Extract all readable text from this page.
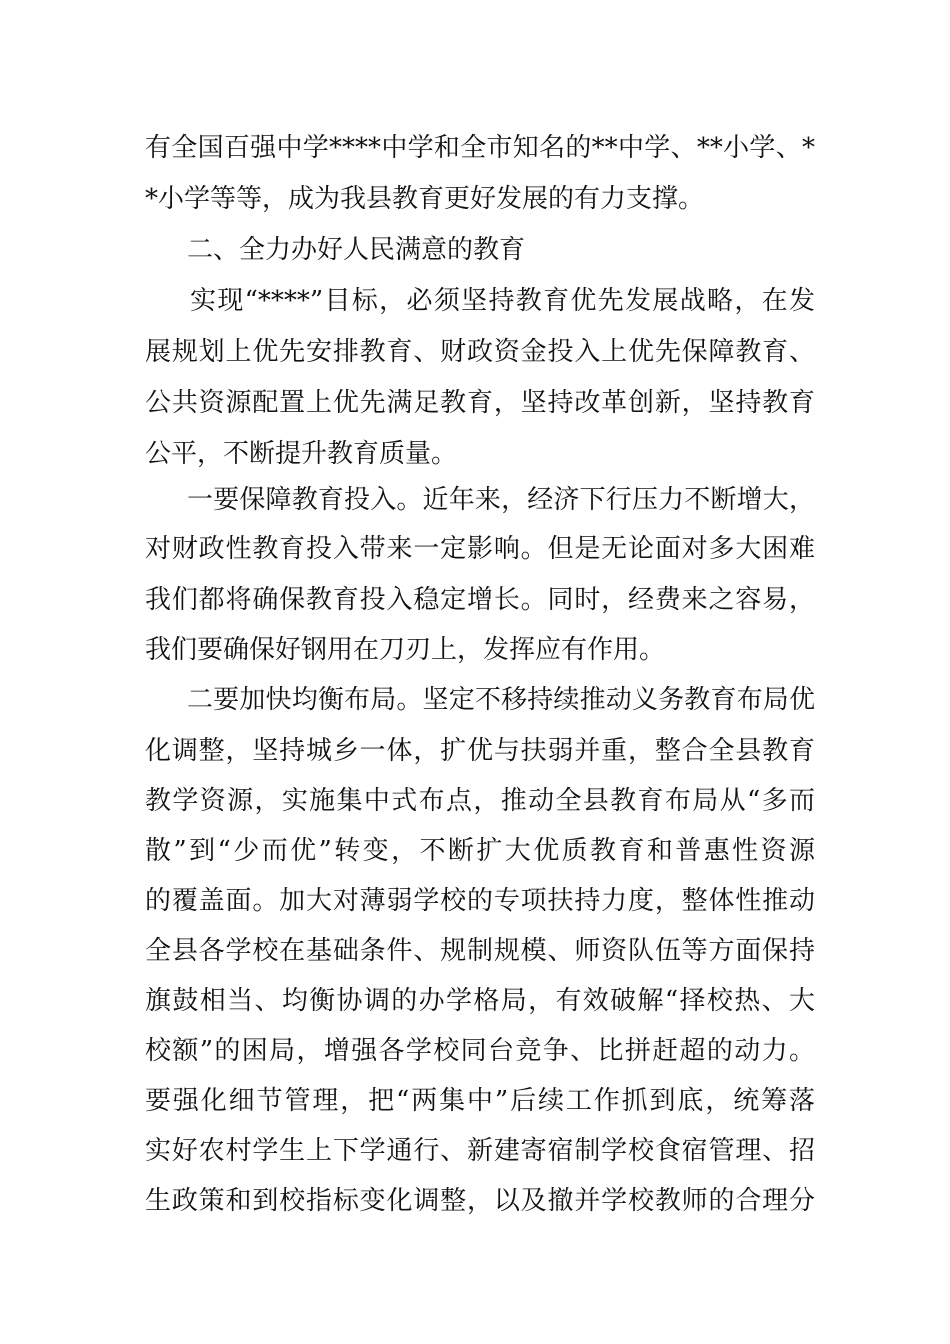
有全国百强中学****中学和全市知名的**中学、**小学、*
*小学等等，成为我县教育更好发展的有力支撑。
二、全力办好人民满意的教育
实现“****”目标，必须坚持教育优先发展战略，在发
展规划上优先安排教育、财政资金投入上优先保障教育、
公共资源配置上优先满足教育，坚持改革创新，坚持教育
公平，不断提升教育质量。
一要保障教育投入。近年来，经济下行压力不断增大，
对财政性教育投入带来一定影响。但是无论面对多大困难
我们都将确保教育投入稳定增长。同时，经费来之容易，
我们要确保好钢用在刀刃上，发挥应有作用。
二要加快均衡布局。坚定不移持续推动义务教育布局优
化调整，坚持城乡一体，扩优与扶弱并重，整合全县教育
教学资源，实施集中式布点，推动全县教育布局从“多而
散”到“少而优”转变，不断扩大优质教育和普惠性资源
的覆盖面。加大对薄弱学校的专项扶持力度，整体性推动
全县各学校在基础条件、规制规模、师资队伍等方面保持
旗鼓相当、均衡协调的办学格局，有效破解“择校热、大
校额”的困局，增强各学校同台竞争、比拼赶超的动力。
要强化细节管理，把“两集中”后续工作抓到底，统筹落
实好农村学生上下学通行、新建寄宿制学校食宿管理、招
生政策和到校指标变化调整，以及撤并学校教师的合理分
